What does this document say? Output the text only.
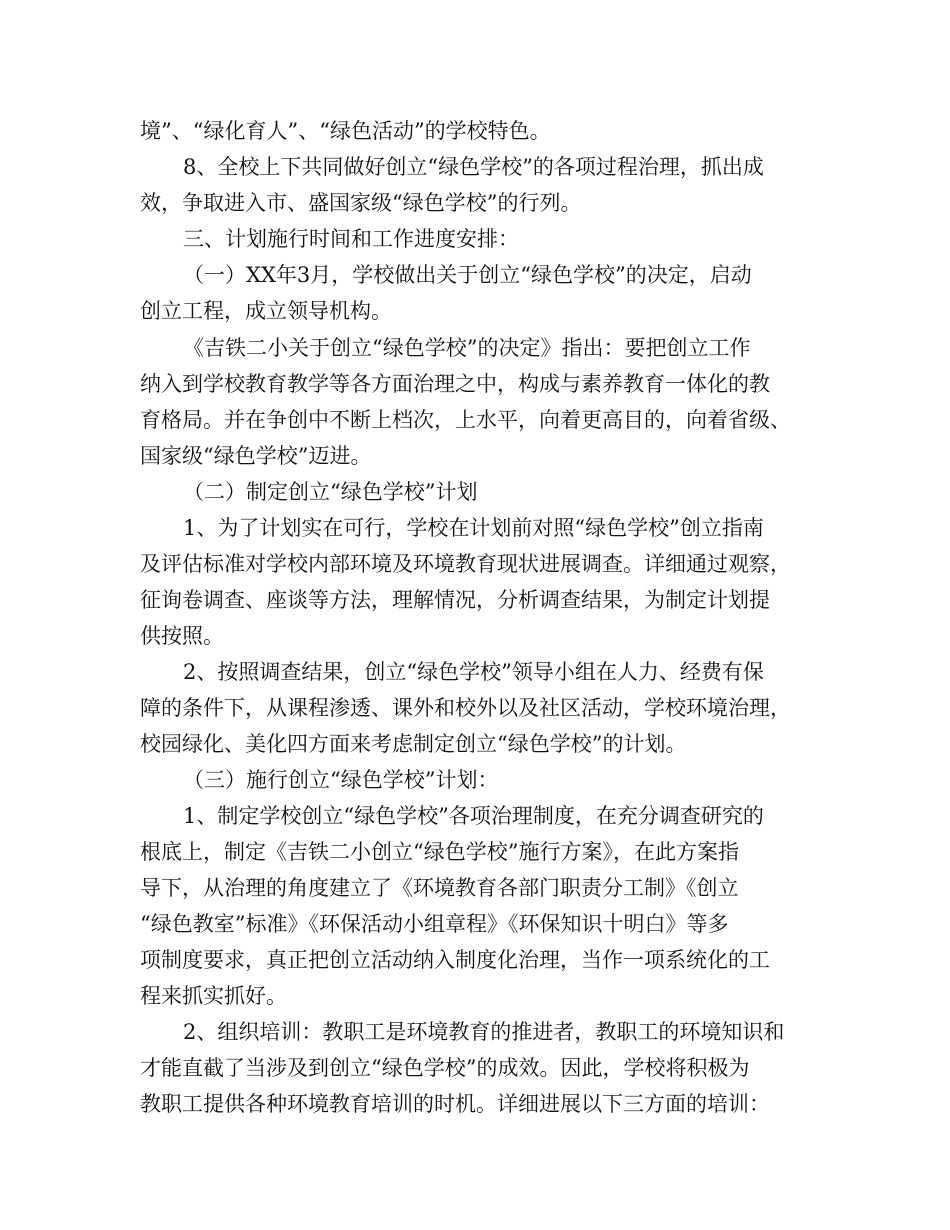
境”、“绿化育人”、“绿色活动”的学校特色。
8、全校上下共同做好创立“绿色学校”的各项过程治理，抓出成
效，争取进入市、盛国家级“绿色学校”的行列。
三、计划施行时间和工作进度安排：
（一）XX年3月，学校做出关于创立“绿色学校”的决定，启动
创立工程，成立领导机构。
《吉铁二小关于创立“绿色学校”的决定》指出：要把创立工作
纳入到学校教育教学等各方面治理之中，构成与素养教育一体化的教
育格局。并在争创中不断上档次，上水平，向着更高目的，向着省级、
国家级“绿色学校”迈进。
（二）制定创立“绿色学校”计划
1、为了计划实在可行，学校在计划前对照“绿色学校”创立指南
及评估标准对学校内部环境及环境教育现状进展调查。详细通过观察，
征询卷调查、座谈等方法，理解情况，分析调查结果，为制定计划提
供按照。
2、按照调查结果，创立“绿色学校”领导小组在人力、经费有保
障的条件下，从课程渗透、课外和校外以及社区活动，学校环境治理，
校园绿化、美化四方面来考虑制定创立“绿色学校”的计划。
（三）施行创立“绿色学校”计划：
1、制定学校创立“绿色学校”各项治理制度，在充分调查研究的
根底上，制定《吉铁二小创立“绿色学校”施行方案》，在此方案指
导下，从治理的角度建立了《环境教育各部门职责分工制》《创立
“绿色教室”标准》《环保活动小组章程》《环保知识十明白》等多
项制度要求，真正把创立活动纳入制度化治理，当作一项系统化的工
程来抓实抓好。
2、组织培训：教职工是环境教育的推进者，教职工的环境知识和
才能直截了当涉及到创立“绿色学校”的成效。因此，学校将积极为
教职工提供各种环境教育培训的时机。详细进展以下三方面的培训：
